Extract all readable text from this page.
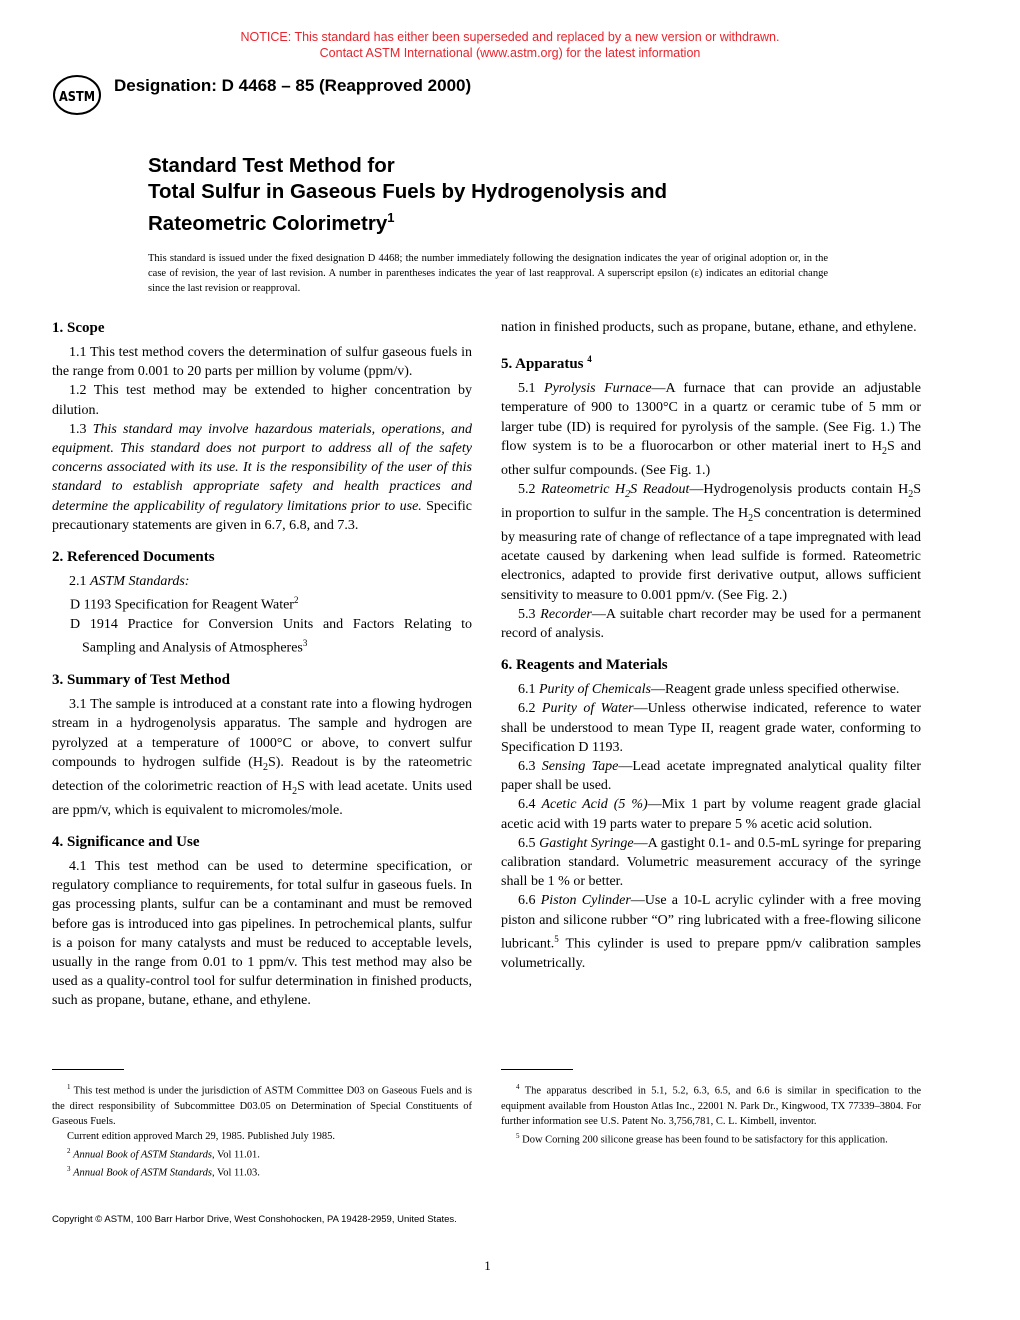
NOTICE: This standard has either been superseded and replaced by a new version or withdrawn.
Contact ASTM International (www.astm.org) for the latest information
ASTM
Designation: D 4468 – 85 (Reapproved 2000)
Standard Test Method for
Total Sulfur in Gaseous Fuels by Hydrogenolysis and
Rateometric Colorimetry$^1$
This standard is issued under the fixed designation D 4468; the number immediately following the designation indicates the year of original adoption or, in the case of revision, the year of last revision. A number in parentheses indicates the year of last reapproval. A superscript epsilon (ε) indicates an editorial change since the last revision or reapproval.
1. Scope

1.1 This test method covers the determination of sulfur gaseous fuels in the range from 0.001 to 20 parts per million by volume (ppm/v).

1.2 This test method may be extended to higher concentration by dilution.

1.3 This standard may involve hazardous materials, operations, and equipment. This standard does not purport to address all of the safety concerns associated with its use. It is the responsibility of the user of this standard to establish appropriate safety and health practices and determine the applicability of regulatory limitations prior to use. Specific precautionary statements are given in 6.7, 6.8, and 7.3.

2. Referenced Documents

2.1 ASTM Standards:

D 1193 Specification for Reagent Water$^2$

D 1914 Practice for Conversion Units and Factors Relating to Sampling and Analysis of Atmospheres$^3$

3. Summary of Test Method

3.1 The sample is introduced at a constant rate into a flowing hydrogen stream in a hydrogenolysis apparatus. The sample and hydrogen are pyrolyzed at a temperature of 1000°C or above, to convert sulfur compounds to hydrogen sulfide $(H_2S)$. Readout is by the rateometric detection of the colorimetric reaction of $H_2S$ with lead acetate. Units used are ppm/v, which is equivalent to micromoles/mole.

4. Significance and Use

4.1 This test method can be used to determine specification, or regulatory compliance to requirements, for total sulfur in gaseous fuels. In gas processing plants, sulfur can be a contaminant and must be removed before gas is introduced into gas pipelines. In petrochemical plants, sulfur is a poison for many catalysts and must be reduced to acceptable levels, usually in the range from 0.01 to 1 ppm/v. This test method may also be used as a quality-control tool for sulfur determination in finished products, such as propane, butane, ethane, and ethylene.

nation in finished products, such as propane, butane, ethane, and ethylene.

5. Apparatus $^4$

5.1 Pyrolysis Furnace—A furnace that can provide an adjustable temperature of 900 to 1300°C in a quartz or ceramic tube of 5 mm or larger tube (ID) is required for pyrolysis of the sample. (See Fig. 1.) The flow system is to be a fluorocarbon or other material inert to $H_2S$ and other sulfur compounds. (See Fig. 1.)

5.2 Rateometric $H_2S$ Readout—Hydrogenolysis products contain $H_2S$ in proportion to sulfur in the sample. The $H_2S$ concentration is determined by measuring rate of change of reflectance of a tape impregnated with lead acetate caused by darkening when lead sulfide is formed. Rateometric electronics, adapted to provide first derivative output, allows sufficient sensitivity to measure to 0.001 ppm/v. (See Fig. 2.)

5.3 Recorder—A suitable chart recorder may be used for a permanent record of analysis.

6. Reagents and Materials

6.1 Purity of Chemicals—Reagent grade unless specified otherwise.

6.2 Purity of Water—Unless otherwise indicated, reference to water shall be understood to mean Type II, reagent grade water, conforming to Specification D 1193.

6.3 Sensing Tape—Lead acetate impregnated analytical quality filter paper shall be used.

6.4 Acetic Acid (5 %)—Mix 1 part by volume reagent grade glacial acetic acid with 19 parts water to prepare 5 % acetic acid solution.

6.5 Gastight Syringe—A gastight 0.1- and 0.5-mL syringe for preparing calibration standard. Volumetric measurement accuracy of the syringe shall be 1 % or better.

6.6 Piston Cylinder—Use a 10-L acrylic cylinder with a free moving piston and silicone rubber “O” ring lubricated with a free-flowing silicone lubricant.$^5$ This cylinder is used to prepare ppm/v calibration samples volumetrically.

$^1$ This test method is under the jurisdiction of ASTM Committee D03 on Gaseous Fuels and is the direct responsibility of Subcommittee D03.05 on Determination of Special Constituents of Gaseous Fuels.

Current edition approved March 29, 1985. Published July 1985.

$^2$ Annual Book of ASTM Standards, Vol 11.01.

$^3$ Annual Book of ASTM Standards, Vol 11.03.

$^4$ The apparatus described in 5.1, 5.2, 6.3, 6.5, and 6.6 is similar in specification to the equipment available from Houston Atlas Inc., 22001 N. Park Dr., Kingwood, TX 77339–3804. For further information see U.S. Patent No. 3,756,781, C. L. Kimbell, inventor.

$^5$ Dow Corning 200 silicone grease has been found to be satisfactory for this application.

Copyright © ASTM, 100 Barr Harbor Drive, West Conshohocken, PA 19428-2959, United States.
1
